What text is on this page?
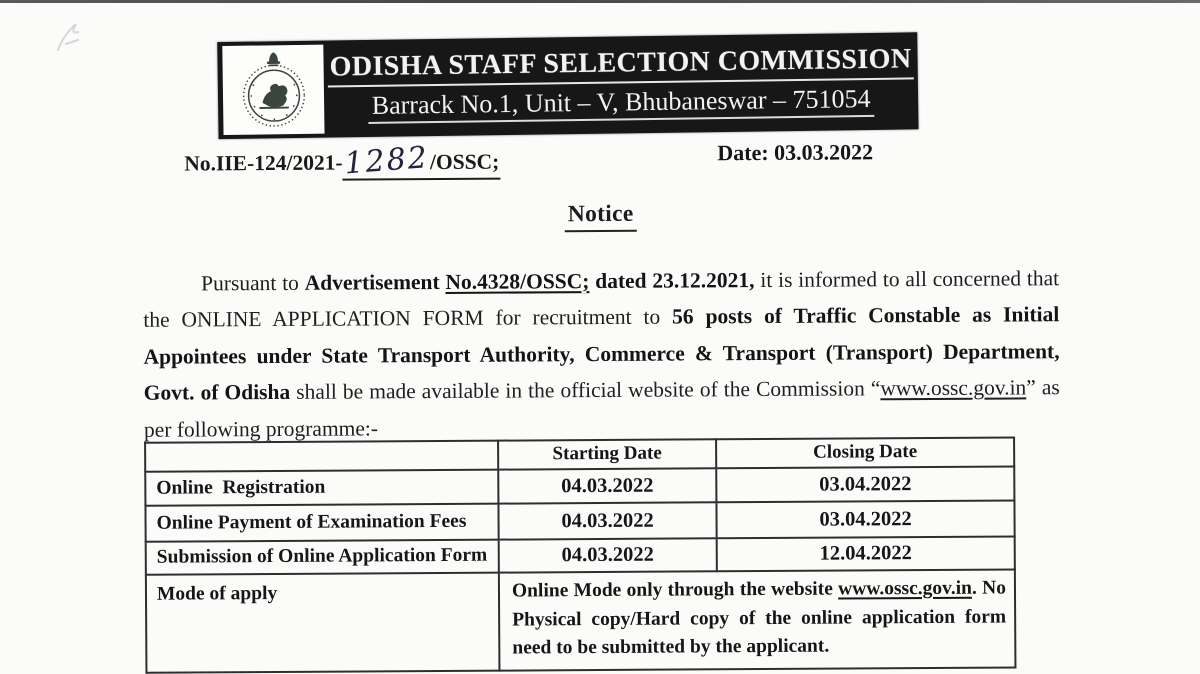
ODISHA STAFF SELECTION COMMISSION
Barrack No.1, Unit – V, Bhubaneswar – 751054
No.IIE-124/2021-1282/OSSC;	Date: 03.03.2022
Notice

Pursuant to Advertisement No.4328/OSSC; dated 23.12.2021, it is informed to all concerned that the ONLINE APPLICATION FORM for recruitment to 56 posts of Traffic Constable as Initial Appointees under State Transport Authority, Commerce & Transport (Transport) Department, Govt. of Odisha shall be made available in the official website of the Commission “www.ossc.gov.in” as per following programme:-

	Starting Date	Closing Date
Online  Registration	04.03.2022	03.04.2022
Online Payment of Examination Fees	04.03.2022	03.04.2022
Submission of Online Application Form	04.03.2022	12.04.2022
Mode of apply	Online Mode only through the website www.ossc.gov.in. No Physical copy/Hard copy of the online application form need to be submitted by the applicant.	
